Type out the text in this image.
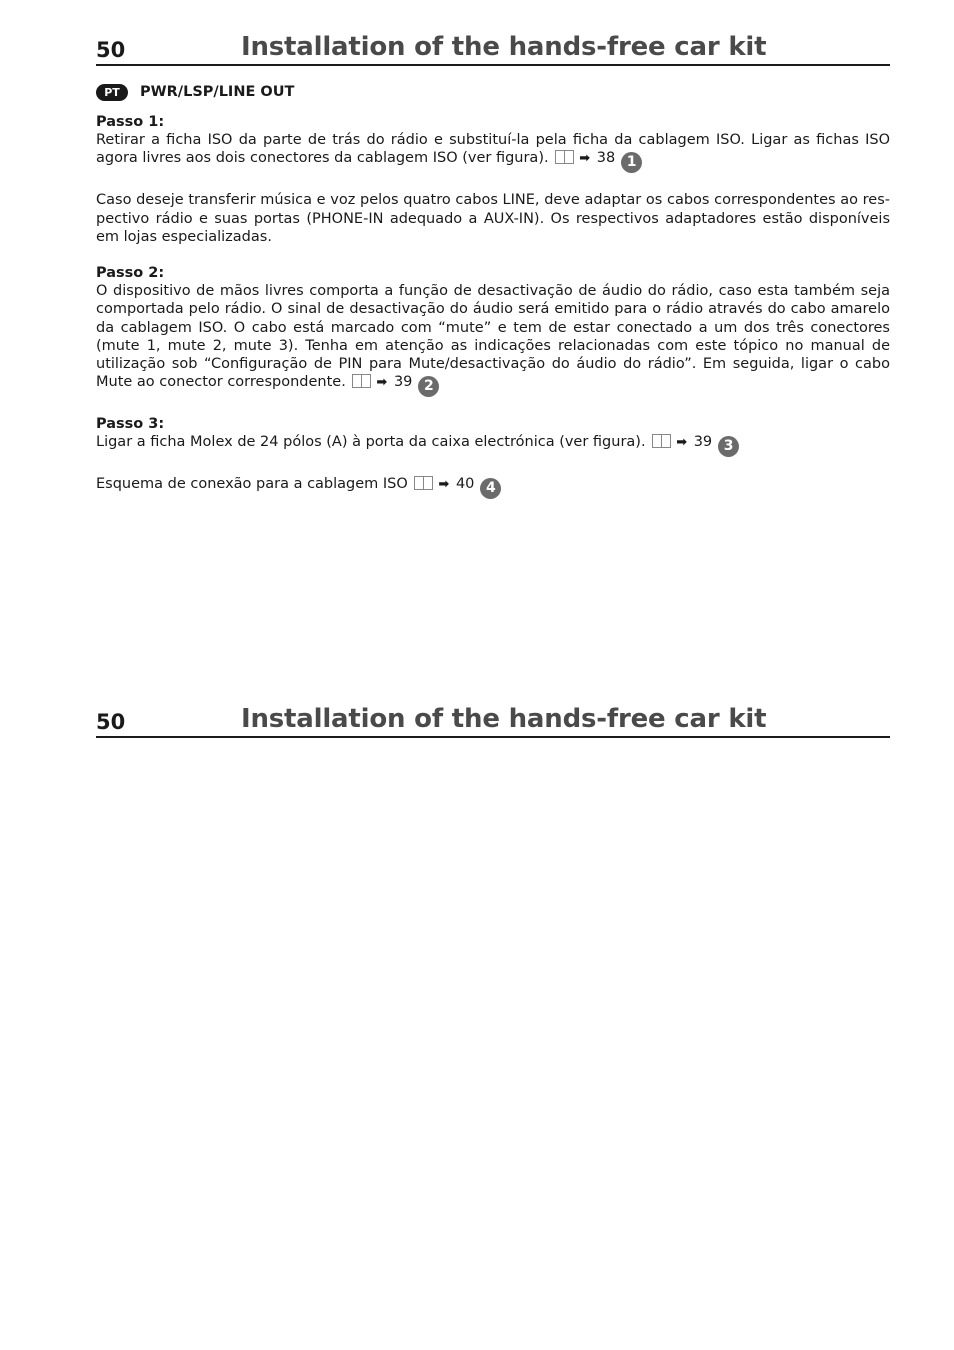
50	Installation of the hands-free car kit
PT	PWR/LSP/LINE OUT
Passo 1:

Retirar a ficha ISO da parte de trás do rádio e substituí-la pela ficha da cablagem ISO. Ligar as fichas ISO agora livres aos dois conectores da cablagem ISO (ver figura). ➡ 38 1

Caso deseje transferir música e voz pelos quatro cabos LINE, deve adaptar os cabos correspondentes ao res-pectivo rádio e suas portas (PHONE-IN adequado a AUX-IN). Os respectivos adaptadores estão disponíveis em lojas especializadas.

Passo 2:

O dispositivo de mãos livres comporta a função de desactivação de áudio do rádio, caso esta também seja comportada pelo rádio. O sinal de desactivação do áudio será emitido para o rádio através do cabo amarelo da cablagem ISO. O cabo está marcado com “mute” e tem de estar conectado a um dos três conectores (mute 1, mute 2, mute 3). Tenha em atenção as indicações relacionadas com este tópico no manual de utilização sob “Configuração de PIN para Mute/desactivação do áudio do rádio”. Em seguida, ligar o cabo Mute ao conector correspondente. ➡ 39 2

Passo 3:

Ligar a ficha Molex de 24 pólos (A) à porta da caixa electrónica (ver figura). ➡ 39 3

Esquema de conexão para a cablagem ISO ➡ 40 4

50	Installation of the hands-free car kit
